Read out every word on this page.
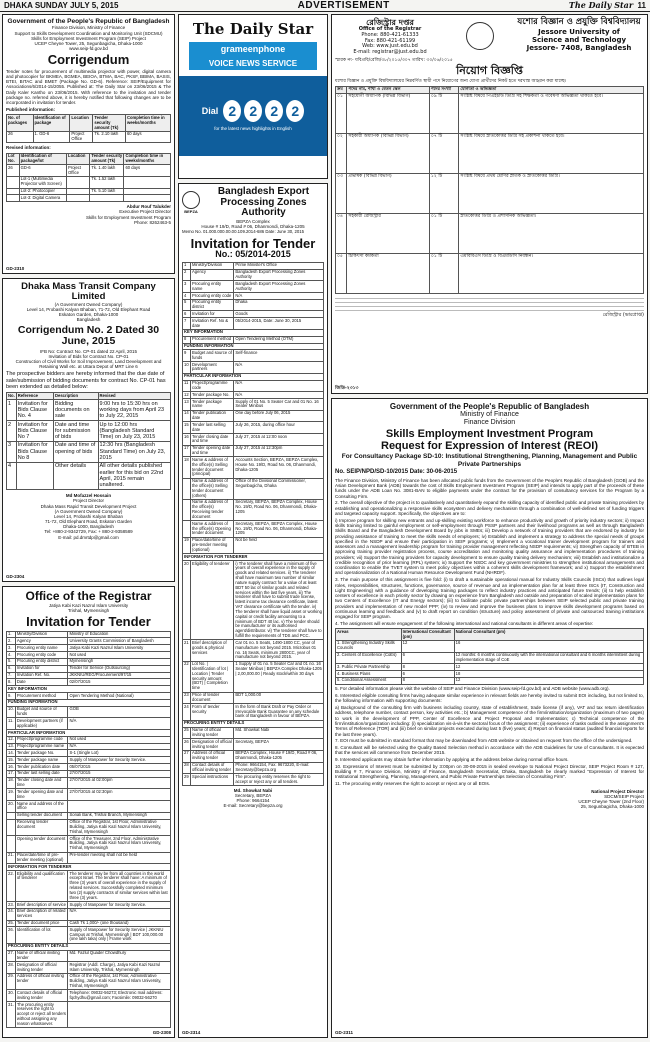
DHAKA SUNDAY JULY 5, 2015	ADVERTISEMENT	The Daily Star 11
Government of the People's Republic of Bangladesh
Finance Division, Ministry of Finance
Support to Skills Development Coordination and Monitoring Unit (SDCMU)
Skills for Employment Investment Program (SEIP) Project
UCEP Cheyne Tower, 25, Segunbagicha, Dhaka-1000
www.seip-fd.gov.bd
Corrigendum
Tender notes for procurement of multimedia projector with power, digital camera and photocopier for BKMEA, BGMEA, BEIOA, BTMA, BAC, PKSF, BBIMA, BASIS, BTEI, BITAC and BMET (Package No. GD-6). Reference: SEIP/Equipment for Associations/6/2014-15/2055. Published at: The Daily Star on 23/06/2015 & The Daily Kaler Kantho on 23/06/2015. With reference to the invitation and tender package no. referred above, it is hereby notified that following changes are to be incorporated in invitation for tender.
Published information:
No. of packages	Identification of package	Location	Tender security amount (Tk)	Completion time in weeks/months
26	1. GD-6	Project Office	Tk. 2.10 lakh	60 days
Revised information:
Lot No.	Identification of package/lot	Location	Tender security amount (Tk)	Completion time in weeks/months
26	GD-6	Project Office	Tk. 1.40 lakh	60 days
	Lot-1 (Multimedia Projector with Screen)		Tk. 1.52 lakh	
	Lot-2: Photocopier		Tk. 5.10 lakh	
	Lot-3: Digital Camera			
Abdur Rouf Talukder
Executive Project Director
Skills for Employment Investment Program
Phone: 8262463-5
GD-2310
Dhaka Mass Transit Company Limited
(A Government Owned Company)
Level 14, Probashi Kalyan Bhaban, 71-72, Old Elephant Road
Eskaton Garden, Dhaka-1000
Bangladesh
Corrigendum No. 2 Dated 30 June, 2015
IFB No: Contract No. CP-01 dated 22 April, 2015
Invitation of Bids for Contract No. CP-01
Construction of Civil Works for Soil Improvement, Land Development and Retaining Wall etc. at Uttara Depot of MRT Line 6
The prospective bidders are hereby informed that the due date of sale/submission of bidding documents for contract No. CP-01 has been extended as detailed below:
No.	Reference	Description	Revised
1	Invitation for Bids Clause No. 4	Bidding documents on sale	9:00 hrs to 15:30 hrs on working days from April 23 to July 22, 2015
2	Invitation for Bids Clause No 7	Date and time for submission of bids	Up to 12:00 hrs (Bangladesh Standard Time) on July 23, 2015
3	Invitation for Bids Clause No 8	Date and time of opening of bids	12:30 hrs (Bangladesh Standard Time) on July 23, 2015
4		Other details	All other details published earlier for this bid on 22nd April, 2015 remain unaltered.
Md Mofazzel Hossain
Project Director
Dhaka Mass Rapid Transit Development Project
(A Government Owned Company)
Level 14, Probashi Kalyan Bhaban
71-72, Old Elephant Road, Eskaton Garden
Dhaka-1000, Bangladesh
Tel: +880-2-9342729, Fax: + 880-2-9358589
E-mail: pd.dmrtdp@gmail.com
GD-2304
Office of the Registrar
Jatiya Kabi Kazi Nazrul Islam University
Trishal, Mymensingh
Invitation for Tender
1.	Ministry/Division	Ministry of Education
2.	Agency	University Grants Commission of Bangladesh
3.	Procuring entity name	Jatiya Kabi Kazi Nazrul Islam University
4.	Procuring entity code	Not used
5.	Procuring entity district	Mymensingh
6.	Invitation for	Tender for Service (Outsourcing)
7.	Invitation Ref. No.	JKKNIU/REG/Procurement/97/15
8.	Date	02/07/2015
KEY INFORMATION		
9.	Procurement method	Open Tendering Method (National)
FUNDING INFORMATION		
10.	Budget and source of funds	GOB
11.	Development partners (if applicable)	N/A
PARTICULAR INFORMATION		
12.	Project/programme code	Not used
13.	Project/programme name	N/A
14.	Tender package No.	S-1 (Single Lot)
15.	Tender package name	Supply of Manpower for Security Service.
16.	Tender publication date	05/07/2015
17.	Tender last selling date	27/07/2015
18.	Tender closing date and time	27/07/2015 at 02:00pm
19.	Tender opening date and time	27/07/2015 at 02:30pm
20.	Name and address of the office	
	Selling tender document	Sonali Bank, Trishal Branch, Mymensingh
	Receiving tender document	Office of the Registrar, 1st Floor, Administrative Building, Jatiya Kabi Kazi Nazrul Islam University, Trishal, Mymensingh
	Opening tender document	Office of the Treasurer, 2nd Floor, Administrative Building, Jatiya Kabi Kazi Nazrul Islam University, Trishal, Mymensingh
21.	Place/date/time of pre-tender meeting (optional)	Pre-tender meeting shall not be held
INFORMATION FOR TENDERER		
22.	Eligibility and qualification of tenderer	The tenderer may be from all countries in the world except Israel. The tenderer shall have: A minimum of three (3) years of overall experience in the supply of related services. Successfully completed minimum two (2) supply contracts of similar services within last three (3) years.
23.	Brief description of service	Supply of Manpower for Security Service.
24.	Brief description of related services	N/A
25.	Tender document price	Cash Tk 1,000/- (one thousand)
26.	Identification of lot	Supply of Manpower for Security Service | JKKNIU Campus at Trishal, Mymensingh | BDT 100,000.00 (one lakh taka) only | Frame work
PROCURING ENTITY DETAILS		
27.	Name of official inviting tender	Md. Fazlul Quader Chowdhury
28.	Designation of official inviting tender	Registrar (Addl. Charge), Jatiya Kabi Kazi Nazrul Islam University, Trishal, Mymensingh
29.	Address of official inviting tender	Office of the Registrar, 1st Floor, Administrative Building, Jatiya Kabi Kazi Nazrul Islam University, Trishal, Mymensingh
30.	Contact details of official inviting tender	Telephone: 09032-56273; Electronic mail address: fqchydhu@gmail.com; Facsimile: 09032-56270
31.	The procuring entity reserves the right to accept or reject all tenders without assigning any reason whatsoever.	
GD-2308
The Daily Star
grameenphone
VOICE NEWS SERVICE
Dial 2 2 2 2
for the latest news highlights in English
BEPZA
Bangladesh Export Processing Zones Authority
BEPZA Complex
House # 19/D, Road # 06, Dhanmondi, Dhaka-1205
Memo No. 01.000.000.00.00.109.2014-686 Date: June 30, 2015
Invitation for Tender
No.: 05/2014-2015
1	Ministry/Division	Prime Minister's Office
2	Agency	Bangladesh Export Processing Zones Authority
3	Procuring entity name	Bangladesh Export Processing Zones Authority
4	Procuring entity code	N/A
5	Procuring entity district	Dhaka
6	Invitation for	Goods
7	Invitation Ref. No & date	05/2014-2015, Date: June 30, 2015
KEY INFORMATION		
8	Procurement method	Open Tendering Method (OTM)
FUNDING INFORMATION		
9	Budget and source of funds	Self-finance
10	Development partners	N/A
PARTICULAR INFORMATION		
11	Project/programme code	N/A
12	Tender package No.	N/A
13	Tender package name	Supply of 01 No. 5 Seater Car and 01 No. 16 Seater Minibus
14	Tender publication date	One day before July 06, 2015
15	Tender last selling date	July 26, 2015, during office hour
16	Tender closing date and time	July 27, 2015 at 12:00 noon
17	Tender opening date and time	July 27, 2015 at 12:30pm
18	Name & address of the office(s) Selling tender document (principal)	Accounts Section, BEPZA, BEPZA Complex, House No. 19/D, Road No. 06, Dhanmondi, Dhaka-1205
	Name & address of the office(s) Selling tender document (others)	Office of the Divisional Commissioner, Segunbagicha, Dhaka
	Name & address of the office(s) Receiving tender document	Secretary, BEPZA, BEPZA Complex, House No. 19/D, Road No. 06, Dhanmondi, Dhaka-1205
	Name & address of the office(s) Opening tender document	Secretary, BEPZA, BEPZA Complex, House No. 19/D, Road No. 06, Dhanmondi, Dhaka-1205
19	Place/date/time of pre-tender meeting (optional)	Not be held
INFORMATION FOR TENDERER		
20	Eligibility of tenderer	i) The tenderer shall have a minimum of five years of overall experience in the supply of goods and related services. ii) The tenderer shall have maximum two number of similar nature supply contract for a value of at least BDT 50 lac of similar goods and related services within the last five years. iii) The tenderer shall have to submit trade license, latest income tax clearance certificate, latest VAT clearance certificate with the tender. iv) The tenderer shall have liquid asset or working capital or credit facility amounting to a minimum of BDT 40 lac. v) The tender should be manufacturer or its authorised agent/distributor. vi) The tenderer shall have to fulfill the requirements of TDS and PCC.
21	Brief description of goods & physical services	Car 01 no. 5 Seats, 1490-1800 CC, year of manufacture not beyond 2015. Microbus 01 no. 16 Seats, minimum 2800CC, year of manufacture not beyond 2015.
22	Lot No. | Identification of lot | Location | Tender security amount (BDT) | Completion time	1 Supply of 01 no. 5 Seater Car and 01 no. 16 Seater Minibus | BEPZA Complex Dhaka-1205 | 2,00,000.00 | Ready stock/within 30 days
23	Price of tender document	BDT 1,000.00
24	Form of tender security	In the form of Bank Draft or Pay Order or Irrevocable Bank Guarantee on any schedule bank of Bangladesh in favour of BEPZA.
PROCURING ENTITY DETAILS		
25	Name of official inviting tender	Md. Showkat Nabi
26	Designation of official inviting tender	Secretary, BEPZA
27	Address of official inviting tender	BEPZA Complex, House # 19/D, Road # 06, Dhanmondi, Dhaka-1205
28	Contact details of official inviting tender	Phone: 9664154, Fax: 9673220, E-mail: Secretary@bepza.org
29	Special instructions	The procuring entity reserves the right to accept or reject any or all tenders.
Md. Showkat Nabi
Secretary, BEPZA
Phone: 9664154
E-mail: Secretary@bepza.org
GD-2314
রেজিস্ট্রার দপ্তর
Office of the Registrar
Phone: 880-421-61333
Fax: 880-421-61199
Web: www.just.edu.bd
E-mail: registrar@just.edu.bd
যশোর বিজ্ঞান ও প্রযুক্তি বিশ্ববিদ্যালয়
Jessore University of
Science and Technology
Jessore- 7408, Bangladesh
স্মারক নং- যবিপ্রবি/রেজি/৩৮/২০১৫/৩০৭ তারিখ: ৩০/০৬/২০১৫
নিয়োগ বিজ্ঞপ্তি
যশোর বিজ্ঞান ও প্রযুক্তি বিশ্ববিদ্যালয়ের নিম্নবর্ণিত স্থায়ী পদে নিয়োগের জন্য যোগ্য প্রার্থীদের নিকট হতে দরখাস্ত আহ্বান করা যাচ্ছে।
ক্রম	পদের নাম, শাখা ও বেতন স্কেল	পদের সংখ্যা	যোগ্যতা ও অভিজ্ঞতা
০১	সহযোগী অধ্যাপক (বিভিন্ন বিভাগ)	০৯ টি	সংশ্লিষ্ট বিষয়ে পিএইচডি ডিগ্রি সহ শিক্ষকতা ও গবেষণা অভিজ্ঞতা থাকতে হবে।
০২	সহকারী অধ্যাপক (বিভিন্ন বিভাগ)	০৭ টি	সংশ্লিষ্ট বিষয়ে স্নাতকোত্তর ডিগ্রি সহ প্রকাশনা থাকতে হবে।
০৩	প্রভাষক (বিভিন্ন বিভাগ)	১২ টি	সংশ্লিষ্ট বিষয়ে প্রথম শ্রেণির স্নাতক ও স্নাতকোত্তর ডিগ্রি।
০৪	সহকারী রেজিস্ট্রার	০১ টি	স্নাতকোত্তর ডিগ্রি ও প্রশাসনিক অভিজ্ঞতা।
০৫	চিকিৎসা কর্মকর্তা	০১ টি	এমবিবিএস ডিগ্রি ও বিএমডিসি নিবন্ধন।
রেজিস্ট্রার (ভারপ্রাপ্ত)
জিডি-২৩১৩
Government of the People's Republic of Bangladesh
Ministry of Finance
Finance Division
Skills Employment Investment Program
Request for Expression of Interest (REOI)
For Consultancy Package SD-10: Institutional Strengthening, Planning, Management and Public Private Partnerships
No. SEIP/NPD/SD-10/2015 Date: 30-06-2015

The Finance Division, Ministry of Finance has been allocated public funds from the Government of the People's Republic of Bangladesh (GOB) and the Asian Development Bank (ADB) towards the cost of Skills Employment Investment Program (SEIP) and intends to apply part of the proceeds of these funds under the ADB Loan No. 3081-BAN to eligible payments under the contract for the provision of consultancy services for the Program by a Consulting Firm.

2. The overall objective of the project is to qualitatively and quantitatively expand the skilling capacity of identified public and private training providers by establishing and operationalizing a responsive skills ecosystem and delivery mechanism through a combination of well-defined set of funding triggers and targeted capacity support. Specifically, the objectives are to:

i) Improve program for skilling new entrants and up-skilling existing workforce to enhance productivity and growth of priority industry sectors; ii) Impact skills training limited to gainful employment or self-employment through PSSP partners and their livelihood programs as well as through Bangladesh Skills Board and the Bangladesh Development Board by jobs in SMEs; iii) Develop a network of training providers that are endorsed by industry for providing assistance of training to meet the skills needs of employers; iv) Establish and implement a strategy to address the special needs of groups specified in the NSDP and ensure their participation in SEIP programs; v) Implement a vocational trainer development program for trainers and assessors and a management leadership program for training provider management reflecting NSDP requirements; vi) Strengthen capacity of BTEB in approving training provider registration process, course accreditation and monitoring quality assurance and implementation procedures of training providers; vii) Support the training providers for capacity development to ensure quality training delivery mechanism; viii) Establish and institutionalize a credible recognition of prior learning (RPL) system; ix) Support the NSDC and key government ministries to strengthen institutional arrangements and coordination to enable the TVET system to meet policy objectives within a coherent skills development framework; and x) Support the establishment and operationalization of a National Human Resource Development Fund (NHRDF).

3. The main purpose of this assignment is five fold: (i) to draft a sustainable operational manual for Industry Skills Councils (ISCs) that outlines legal roles, responsibilities, structures, functions, governance, source of revenue and an implementation plan for at least three ISCs (IT, Construction and Light Engineering) with a guidance of developing training packages to reflect industry practices and anticipated future trends; (ii) to help establish centers of excellence in each priority sector by drawing on experience from Bangladesh and outside and preparation of scaled implementation plans for two Centers of Excellence (IT and Energy sectors); (iii) to facilitate public private partnerships between SEIP selected public and private training providers and implementation of new model PPP; (iv) to review and improve the business plans to improve skills development programs based on continuous learning and feedback and (v) to draft report on condition (structure) and policy assessment of private and outsourced training institutions engaged for SEIP program.

4. The assignment will ensure engagement of the following international and national consultants in different areas of expertise:

Areas	International Consultant (pm)	National Consultant (pm)
1. Strengthening Industry Skills Councils	12	16
2. Centers of Excellence (CoEs)	6	12 months: 6 months continuously with the international consultant and 6 months intermittent during implementation stage of CoE
3. Public Private Partnership	8	12
4. Business Plans	6	18
5. Conditional Assessment	8	12

5. For detailed information please visit the website of SEIP and Finance Division (www.seip-fd.gov.bd) and ADB website (www.adb.org).

6. Interested eligible consulting firms having adequate similar experience in relevant fields are hereby invited to submit EOI including, but not limited to, the following information with supporting documents:

a) Background of the consulting firm with business including country, state of establishment, trade license (if any), VAT and tax return identification address, telephone number, contact person, key activities etc.; b) Management competence of the firm/institution/organization (maximum of two pages) to work in the development of PPP, Center of Excellence and Project Proposal and Implementation; c) Technical competence of the firm/institution/organization including: (i) specialization vis-à-vis the sectoral focus of the assignment; (ii) experience of tasks outlined in the assignment's Terms of Reference (TOR) and (iii) brief on similar projects executed during last 5 (five) years; d) Report on financial status (audited financial reports for the last three years).

7. EOI must be submitted in standard format that may be downloaded from ADB website or obtained on request from the office of the undersigned.

8. Consultant will be selected using the Quality Based Selection method in accordance with the ADB Guidelines for Use of Consultants. It is expected that the services will commence from December 2015.

9. Interested applicants may obtain further information by applying at the address below during normal office hours.

10. Expressions of Interest must be submitted by 3:00pm on 30-08-2015 in sealed envelope to National Project Director, SEIP Project Room # 127, Building # 7, Finance Division, Ministry of Finance, Bangladesh Secretariat, Dhaka, Bangladesh be clearly marked "Expression of Interest for Institutional Strengthening, Planning, Management, and Public Private Partnerships Selection of Consulting Firm".

11. The procuring entity reserves the right to accept or reject any or all EOIs.

National Project Director
SDCM/SEIP Project
UCEP Cheyne Tower (2nd Floor)
25, Segunbagicha, Dhaka-1000
GD-2311
